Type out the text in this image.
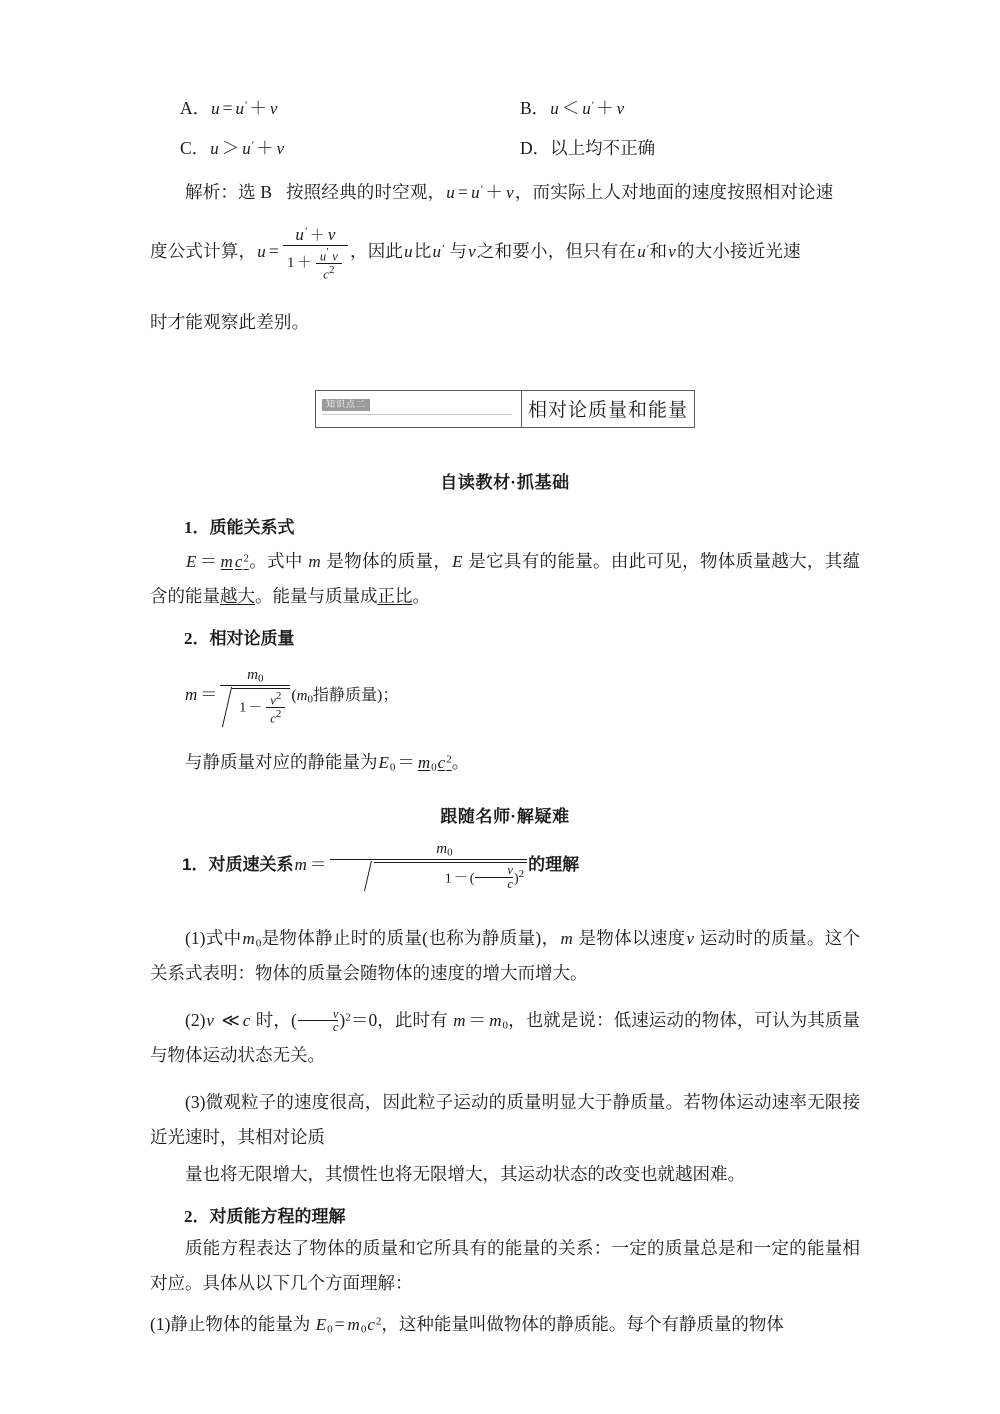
A．u = u′ ＋ v	B．u ＜ u′ ＋ v
C．u ＞ u′ ＋ v	D．以上均不正确
解析：选 B 按照经典的时空观，u = u′ ＋ v，而实际上人对地面的速度按照相对论速
度公式计算，$u = \frac{u' + v}{1 + \frac{u' v}{c^2}}$ ，因此u比u′ 与v之和要小，但只有在u′和v的大小接近光速
时才能观察此差别。
知识点二	相对论质量和能量
自读教材·抓基础
1．质能关系式
E ＝ m $c^2$。式中 m 是物体的质量，E 是它具有的能量。由此可见，物体质量越大，其蕴含的能量越大。能量与质量成正比。
2．相对论质量
$m = \frac{m_0}{1 - \frac{v^2}{c^2}} (m_0$指静质量)；
与静质量对应的静能量为$E_0 = m_0c^2$。
跟随名师·解疑难
1．对质速关系$m = \frac{m_0}{1 - ( \frac{v}{c} )^2}$ 的理解
(1)式中$m_0$是物体静止时的质量(也称为静质量)，m 是物体以速度v 运动时的质量。这个关系式表明：物体的质量会随物体的速度的增大而增大。
(2)v ≪ c 时，( $\frac{v}{c} )^2=0$，此时有 $m = m_0$，也就是说：低速运动的物体，可认为其质量与物体运动状态无关。
(3)微观粒子的速度很高，因此粒子运动的质量明显大于静质量。若物体运动速率无限接近光速时，其相对论质
量也将无限增大，其惯性也将无限增大，其运动状态的改变也就越困难。
2．对质能方程的理解
质能方程表达了物体的质量和它所具有的能量的关系：一定的质量总是和一定的能量相对应。具体从以下几个方面理解：
(1)静止物体的能量为 $E_0 = m_0c^2$，这种能量叫做物体的静质能。每个有静质量的物体
